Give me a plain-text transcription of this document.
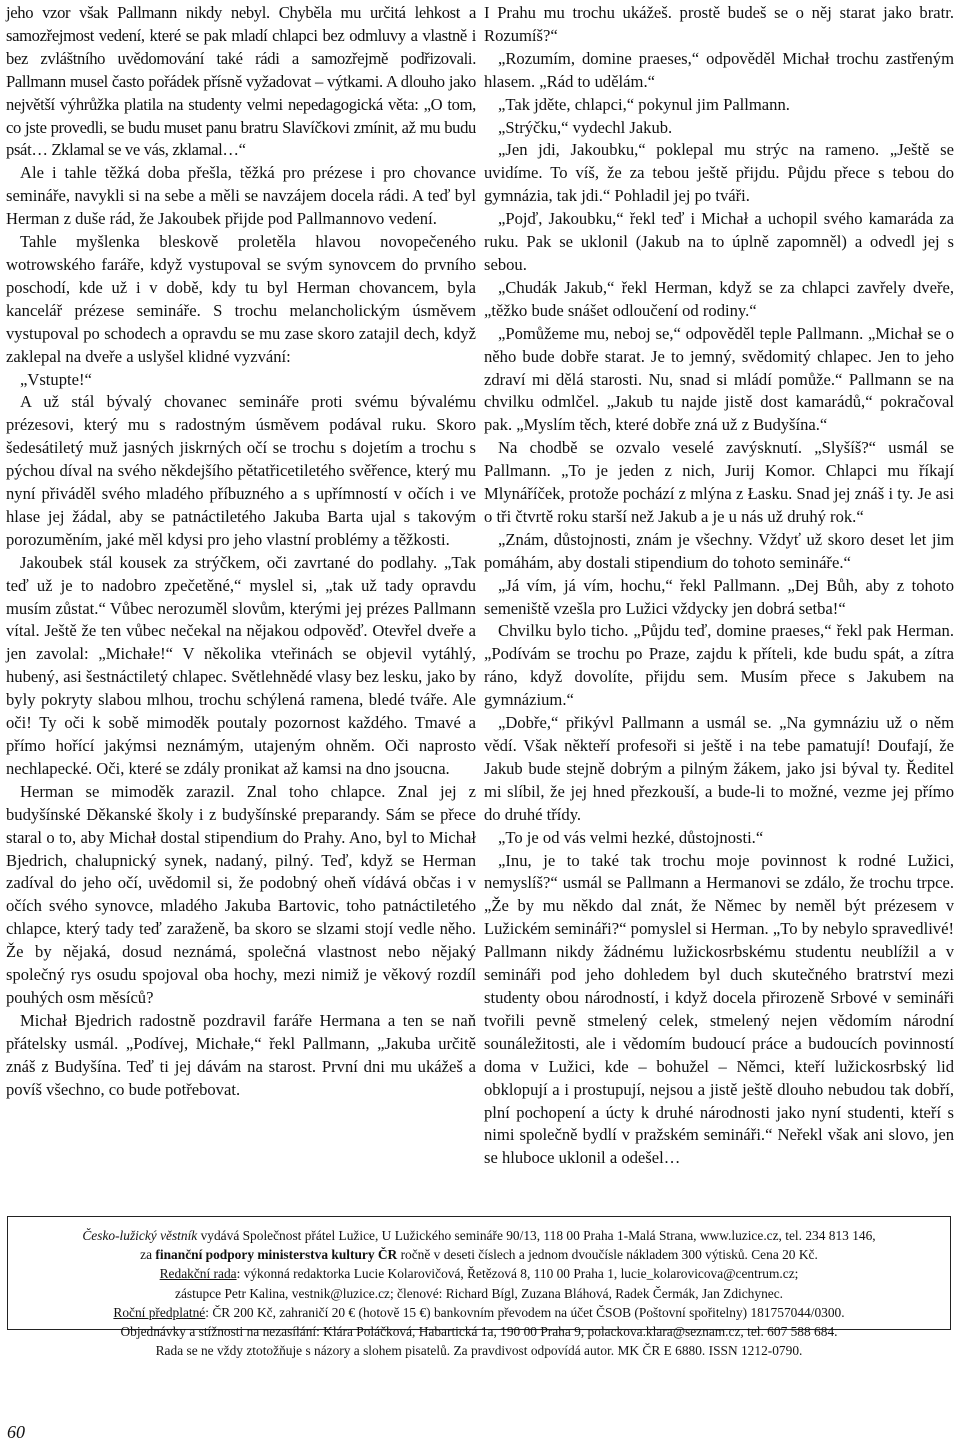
jeho vzor však Pallmann nikdy nebyl. Chyběla mu určitá lehkost a samozřejmost vedení, které se pak mladí chlapci bez odmluvy a vlastně i bez zvláštního uvědomování také rádi a samozřejmě podřizovali. Pallmann musel často pořádek přísně vyžadovat – výtkami. A dlouho jako největší výhrůžka platila na studenty velmi nepedagogická věta: „O tom, co jste provedli, se budu muset panu bratru Slavíčkovi zmínit, až mu budu psát… Zklamal se ve vás, zklamal…“

Ale i tahle těžká doba přešla, těžká pro prézese i pro chovance semináře, navykli si na sebe a měli se navzájem docela rádi. A teď byl Herman z duše rád, že Jakoubek přijde pod Pallmannovo vedení.

Tahle myšlenka bleskově proletěla hlavou novopečeného wotrowského faráře, když vystupoval se svým synovcem do prvního poschodí, kde už i v době, kdy tu byl Herman chovancem, byla kancelář prézese semináře. S trochu melancholickým úsměvem vystupoval po schodech a opravdu se mu zase skoro zatajil dech, když zaklepal na dveře a uslyšel klidné vyzvání:

„Vstupte!“

A už stál bývalý chovanec semináře proti svému bývalému prézesovi, který mu s radostným úsměvem podával ruku. Skoro šedesátiletý muž jasných jiskrných očí se trochu s dojetím a trochu s pýchou díval na svého někdejšího pětatřicetiletého svěřence, který mu nyní přiváděl svého mladého příbuzného a s upřímností v očích i ve hlase jej žádal, aby se patnáctiletého Jakuba Barta ujal s takovým porozuměním, jaké měl kdysi pro jeho vlastní problémy a těžkosti.

Jakoubek stál kousek za strýčkem, oči zavrtané do podlahy. „Tak teď už je to nadobro zpečetěné,“ myslel si, „tak už tady opravdu musím zůstat.“ Vůbec nerozuměl slovům, kterými jej prézes Pallmann vítal. Ještě že ten vůbec nečekal na nějakou odpověď. Otevřel dveře a jen zavolal: „Michałe!“ V několika vteřinách se objevil vytáhlý, hubený, asi šestnáctiletý chlapec. Světlehnědé vlasy bez lesku, jako by byly pokryty slabou mlhou, trochu schýlená ramena, bledé tváře. Ale oči! Ty oči k sobě mimoděk poutaly pozornost každého. Tmavé a přímo hořící jakýmsi neznámým, utajeným ohněm. Oči naprosto nechlapecké. Oči, které se zdály pronikat až kamsi na dno jsoucna.

Herman se mimoděk zarazil. Znal toho chlapce. Znal jej z budyšínské Děkanské školy i z budyšínské preparandy. Sám se přece staral o to, aby Michał dostal stipendium do Prahy. Ano, byl to Michał Bjedrich, chalupnický synek, nadaný, pilný. Teď, když se Herman zadíval do jeho očí, uvědomil si, že podobný oheň vídává občas i v očích svého synovce, mladého Jakuba Bartovic, toho patnáctiletého chlapce, který tady teď zaraženě, ba skoro se slzami stojí vedle něho. Že by nějaká, dosud neznámá, společná vlastnost nebo nějaký společný rys osudu spojoval oba hochy, mezi nimiž je věkový rozdíl pouhých osm měsíců?

Michał Bjedrich radostně pozdravil faráře Hermana a ten se naň přátelsky usmál. „Podívej, Michałe,“ řekl Pallmann, „Jakuba určitě znáš z Budyšína. Teď ti jej dávám na starost. První dni mu ukážeš a povíš všechno, co bude potřebovat.

I Prahu mu trochu ukážeš. prostě budeš se o něj starat jako bratr. Rozumíš?“

„Rozumím, domine praeses,“ odpověděl Michał trochu zastřeným hlasem. „Rád to udělám.“

„Tak jděte, chlapci,“ pokynul jim Pallmann.

„Strýčku,“ vydechl Jakub.

„Jen jdi, Jakoubku,“ poklepal mu strýc na rameno. „Ještě se uvidíme. To víš, že za tebou ještě přijdu. Půjdu přece s tebou do gymnázia, tak jdi.“ Pohladil jej po tváři.

„Pojď, Jakoubku,“ řekl teď i Michał a uchopil svého kamaráda za ruku. Pak se uklonil (Jakub na to úplně zapomněl) a odvedl jej s sebou.

„Chudák Jakub,“ řekl Herman, když se za chlapci zavřely dveře, „těžko bude snášet odloučení od rodiny.“

„Pomůžeme mu, neboj se,“ odpověděl teple Pallmann. „Michał se o něho bude dobře starat. Je to jemný, svědomitý chlapec. Jen to jeho zdraví mi dělá starosti. Nu, snad si mládí pomůže.“ Pallmann se na chvilku odmlčel. „Jakub tu najde jistě dost kamarádů,“ pokračoval pak. „Myslím těch, které dobře zná už z Budyšína.“

Na chodbě se ozvalo veselé zavýsknutí. „Slyšíš?“ usmál se Pallmann. „To je jeden z nich, Jurij Komor. Chlapci mu říkají Mlynáříček, protože pochází z mlýna z Łasku. Snad jej znáš i ty. Je asi o tři čtvrtě roku starší než Jakub a je u nás už druhý rok.“

„Znám, důstojnosti, znám je všechny. Vždyť už skoro deset let jim pomáhám, aby dostali stipendium do tohoto semináře.“

„Já vím, já vím, hochu,“ řekl Pallmann. „Dej Bůh, aby z tohoto semeniště vzešla pro Lužici vždycky jen dobrá setba!“

Chvilku bylo ticho. „Půjdu teď, domine praeses,“ řekl pak Herman. „Podívám se trochu po Praze, zajdu k příteli, kde budu spát, a zítra ráno, když dovolíte, přijdu sem. Musím přece s Jakubem na gymnázium.“

„Dobře,“ přikývl Pallmann a usmál se. „Na gymnáziu už o něm vědí. Však někteří profesoři si ještě i na tebe pamatují! Doufají, že Jakub bude stejně dobrým a pilným žákem, jako jsi býval ty. Ředitel mi slíbil, že jej hned přezkouší, a bude-li to možné, vezme jej přímo do druhé třídy.

„To je od vás velmi hezké, důstojnosti.“

„Inu, je to také tak trochu moje povinnost k rodné Lužici, nemyslíš?“ usmál se Pallmann a Hermanovi se zdálo, že trochu trpce. „Že by mu někdo dal znát, že Němec by neměl být prézesem v Lužickém semináři?“ pomyslel si Herman. „To by nebylo spravedlivé! Pallmann nikdy žádnému lužickosrbskému studentu neublížil a v semináři pod jeho dohledem byl duch skutečného bratrství mezi studenty obou národností, i když docela přirozeně Srbové v semináři tvořili pevně stmelený celek, stmelený nejen vědomím národní sounáležitosti, ale i vědomím budoucí práce a budoucích povinností doma v Lužici, kde – bohužel – Němci, kteří lužickosrbský lid obklopují a i prostupují, nejsou a jistě ještě dlouho nebudou tak dobří, plní pochopení a úcty k druhé národnosti jako nyní studenti, kteří s nimi společně bydlí v pražském semináři.“ Neřekl však ani slovo, jen se hluboce uklonil a odešel…

Česko-lužický věstník vydává Společnost přátel Lužice, U Lužického semináře 90/13, 118 00 Praha 1-Malá Strana, www.luzice.cz, tel. 234 813 146,
za finanční podpory ministerstva kultury ČR ročně v deseti číslech a jednom dvoučísle nákladem 300 výtisků. Cena 20 Kč.
Redakční rada: výkonná redaktorka Lucie Kolarovičová, Řetězová 8, 110 00 Praha 1, lucie_kolarovicova@centrum.cz;
zástupce Petr Kalina, vestnik@luzice.cz; členové: Richard Bígl, Zuzana Bláhová, Radek Čermák, Jan Zdichynec.
Roční předplatné: ČR 200 Kč, zahraničí 20 € (hotově 15 €) bankovním převodem na účet ČSOB (Poštovní spořitelny) 181757044/0300.
Objednávky a stížnosti na nezasílání: Klára Poláčková, Habartická 1a, 190 00 Praha 9, polackova.klara@seznam.cz, tel. 607 588 684.
Rada se ne vždy ztotožňuje s názory a slohem pisatelů. Za pravdivost odpovídá autor. MK ČR E 6880. ISSN 1212-0790.
60
